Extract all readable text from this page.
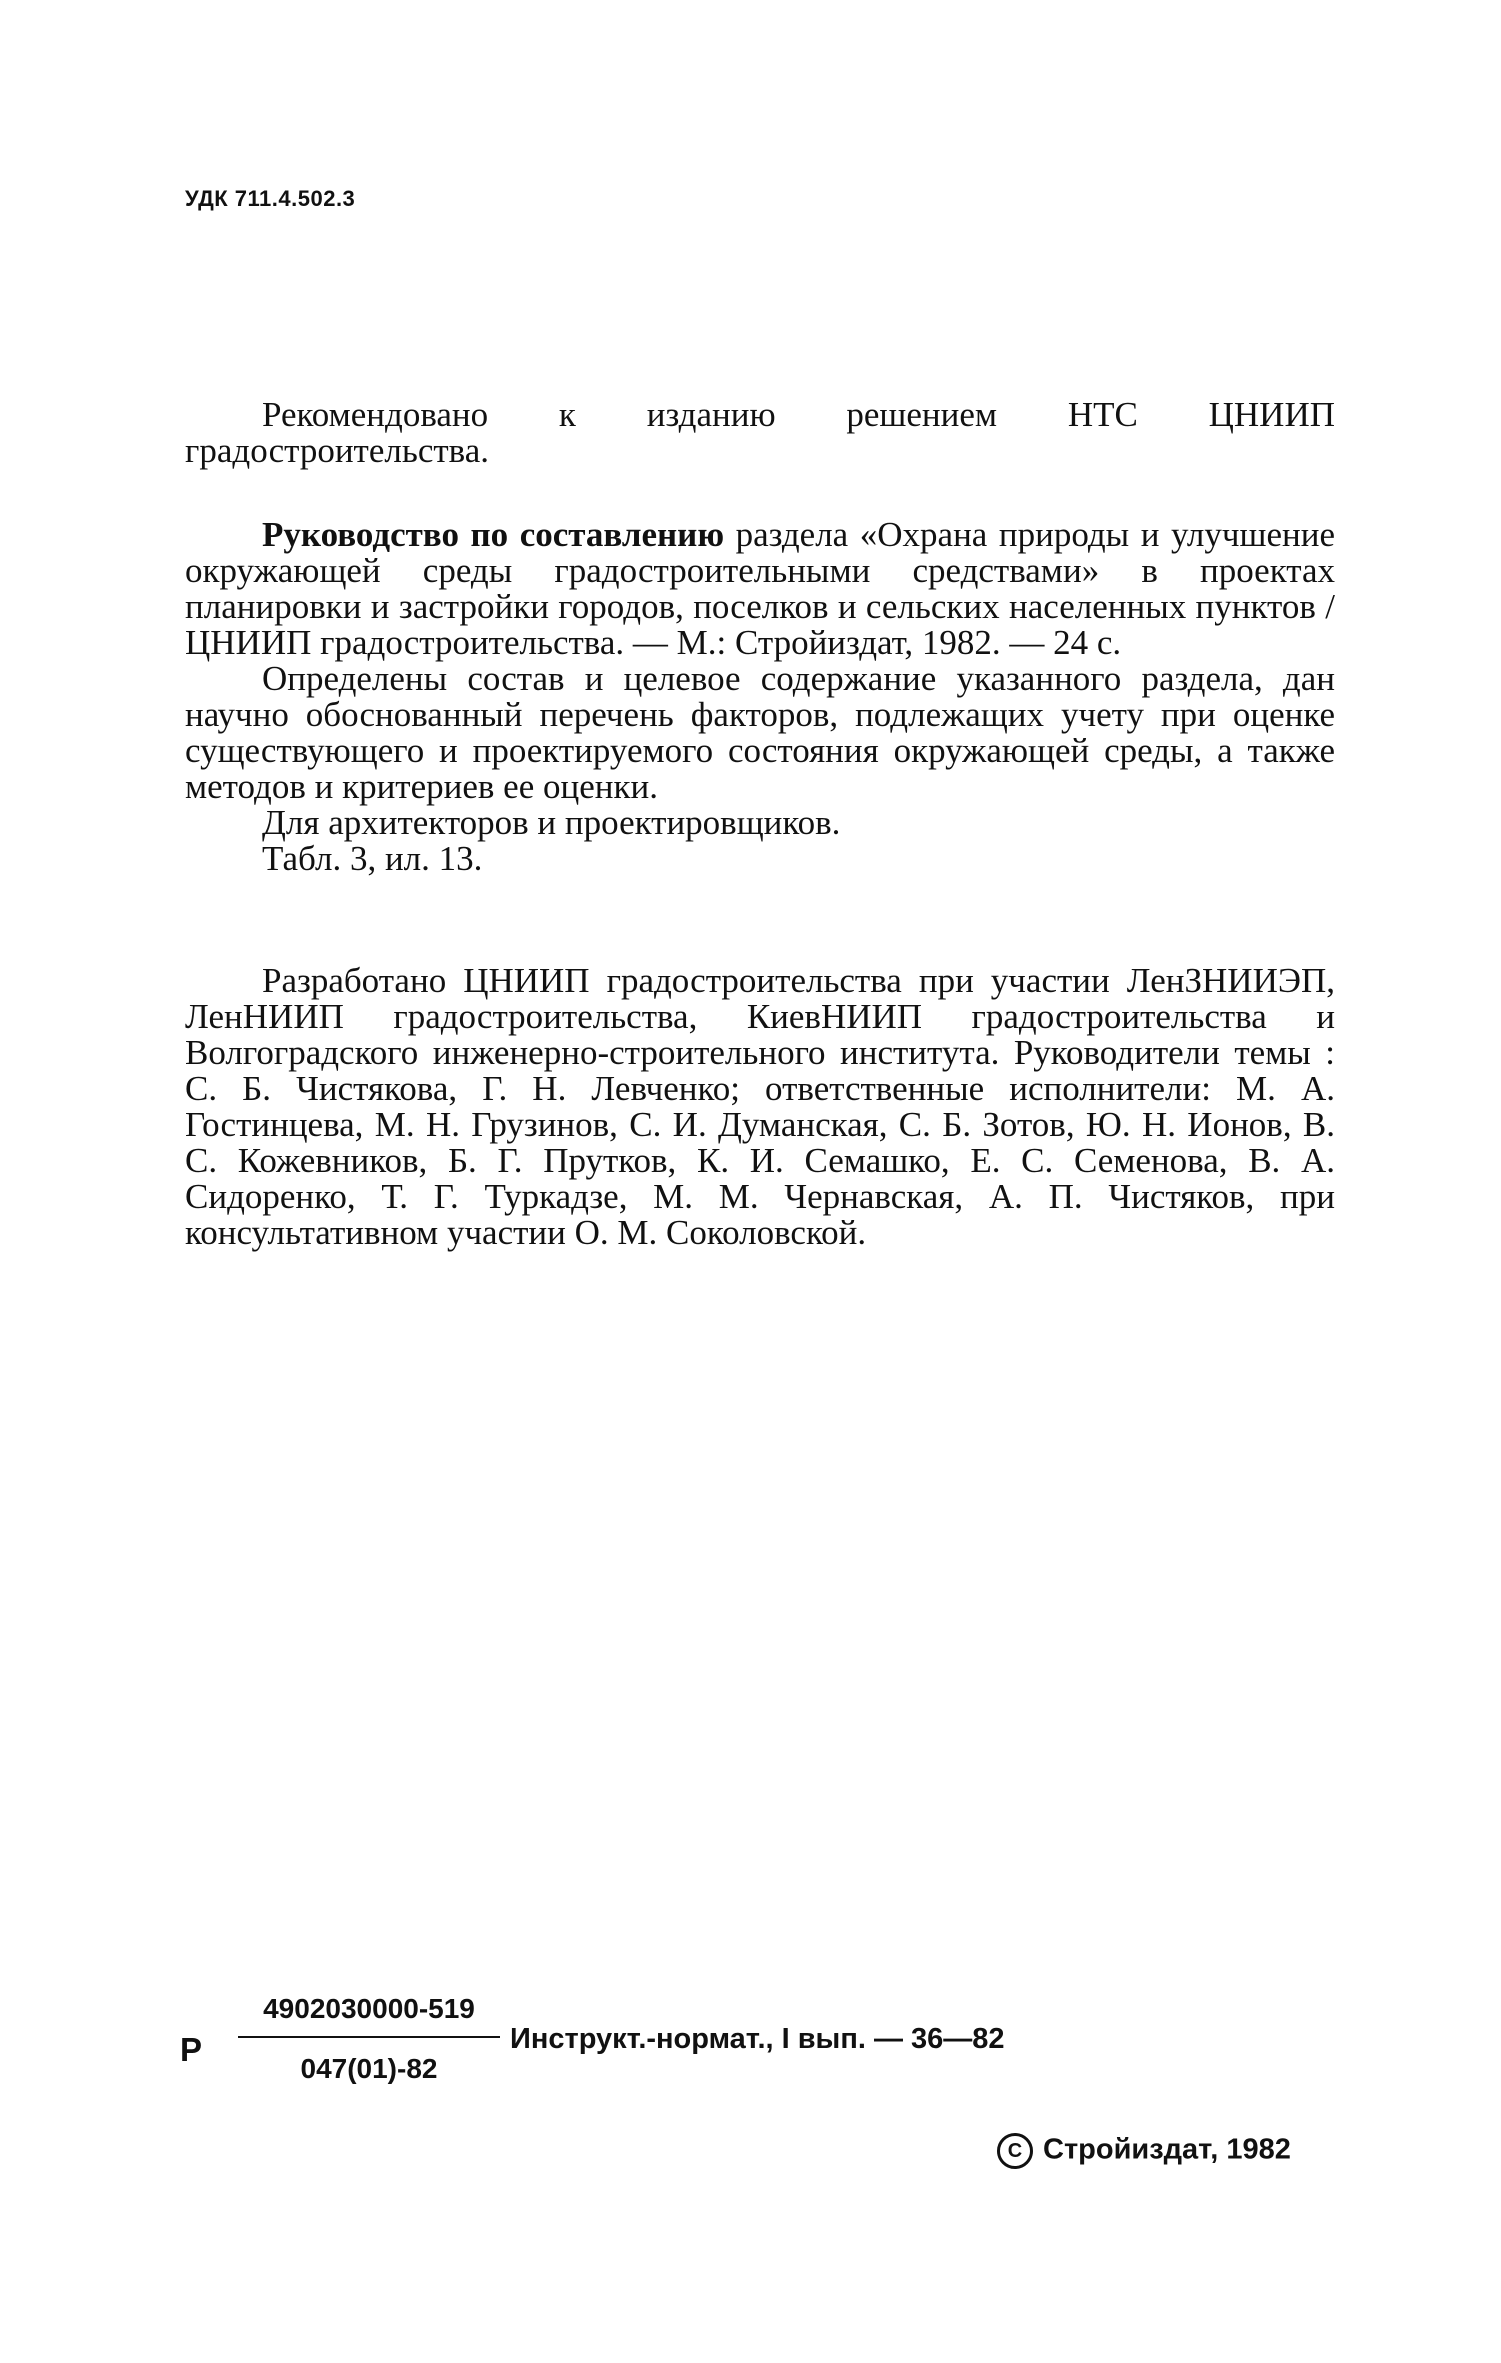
УДК 711.4.502.3

Рекомендовано к изданию решением НТС ЦНИИП градостроительства.

Руководство по составлению раздела «Охрана природы и улучшение окружающей среды градостроительными средствами» в проектах планировки и застройки городов, поселков и сельских населенных пунктов / ЦНИИП градостроительства. — М.: Стройиздат, 1982. — 24 с.

Определены состав и целевое содержание указанного раздела, дан научно обоснованный перечень факторов, подлежащих учету при оценке существующего и проектируемого состояния окружающей среды, а также методов и критериев ее оценки.

Для архитекторов и проектировщиков.

Табл. 3, ил. 13.

Разработано ЦНИИП градостроительства при участии ЛенЗНИИЭП, ЛенНИИП градостроительства, КиевНИИП градостроительства и Волгоградского инженерно-строительного института. Руководители темы : С. Б. Чистякова, Г. Н. Левченко; ответственные исполнители: М. А. Гостинцева, М. Н. Грузинов, С. И. Думанская, С. Б. Зотов, Ю. Н. Ионов, В. С. Кожевников, Б. Г. Прутков, К. И. Семашко, Е. С. Семенова, В. А. Сидоренко, Т. Г. Туркадзе, М. М. Чернавская, А. П. Чистяков, при консультативном участии О. М. Соколовской.

Р
4902030000-519
047(01)-82
Инструкт.-нормат., I вып. — 36—82
C Стройиздат, 1982
